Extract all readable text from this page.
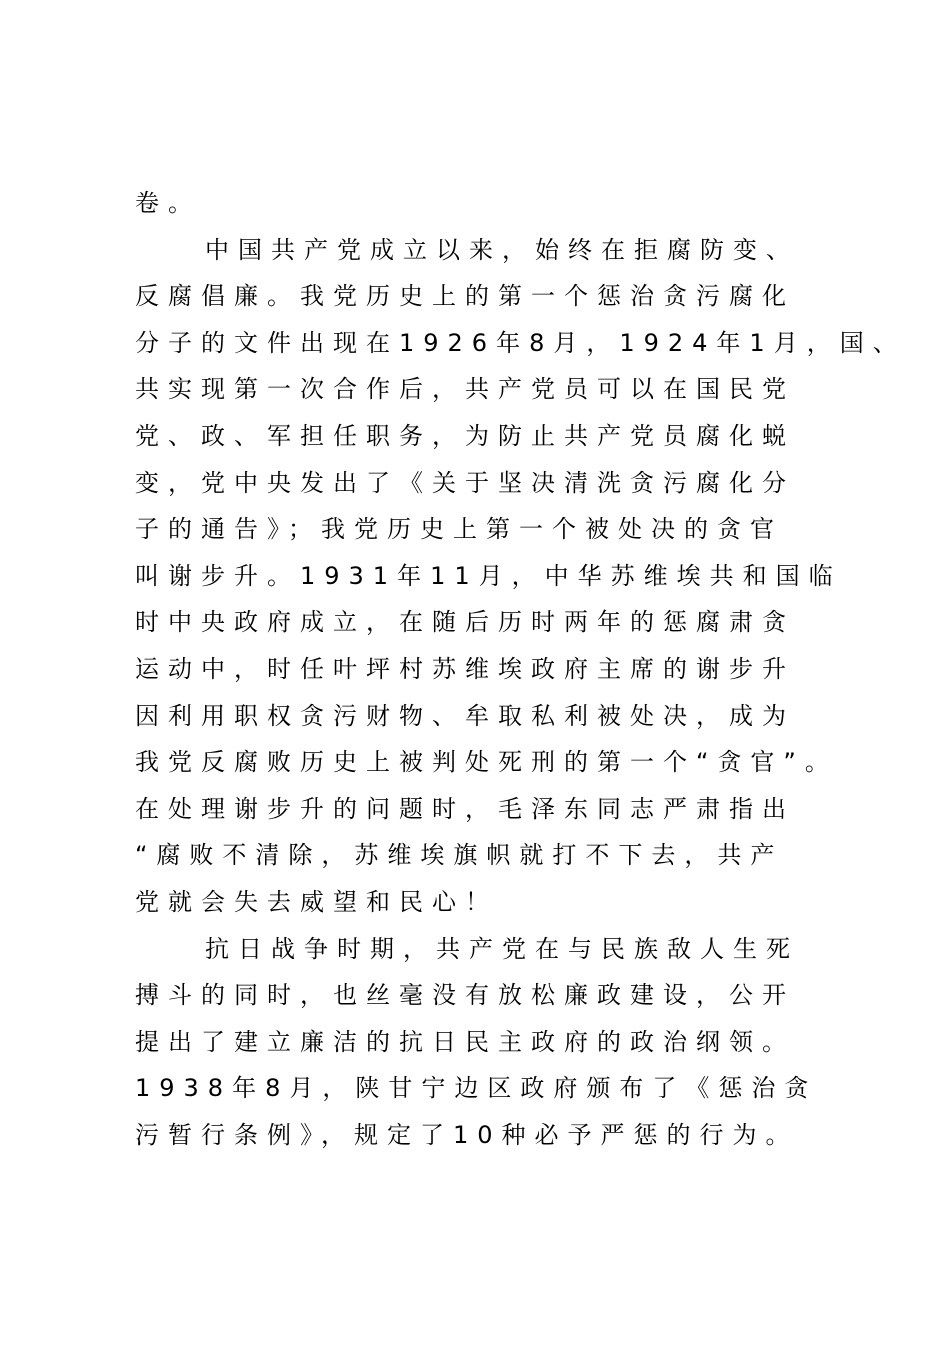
卷。
中国共产党成立以来，始终在拒腐防变、
反腐倡廉。我党历史上的第一个惩治贪污腐化
分子的文件出现在1926年8月，1924年1月，国、
共实现第一次合作后，共产党员可以在国民党
党、政、军担任职务，为防止共产党员腐化蜕
变，党中央发出了《关于坚决清洗贪污腐化分
子的通告》；我党历史上第一个被处决的贪官
叫谢步升。1931年11月，中华苏维埃共和国临
时中央政府成立，在随后历时两年的惩腐肃贪
运动中，时任叶坪村苏维埃政府主席的谢步升
因利用职权贪污财物、牟取私利被处决，成为
我党反腐败历史上被判处死刑的第一个“贪官”。
在处理谢步升的问题时，毛泽东同志严肃指出
“腐败不清除，苏维埃旗帜就打不下去，共产
党就会失去威望和民心！
抗日战争时期，共产党在与民族敌人生死
搏斗的同时，也丝毫没有放松廉政建设，公开
提出了建立廉洁的抗日民主政府的政治纲领。
1938年8月，陕甘宁边区政府颁布了《惩治贪
污暂行条例》，规定了10种必予严惩的行为。
